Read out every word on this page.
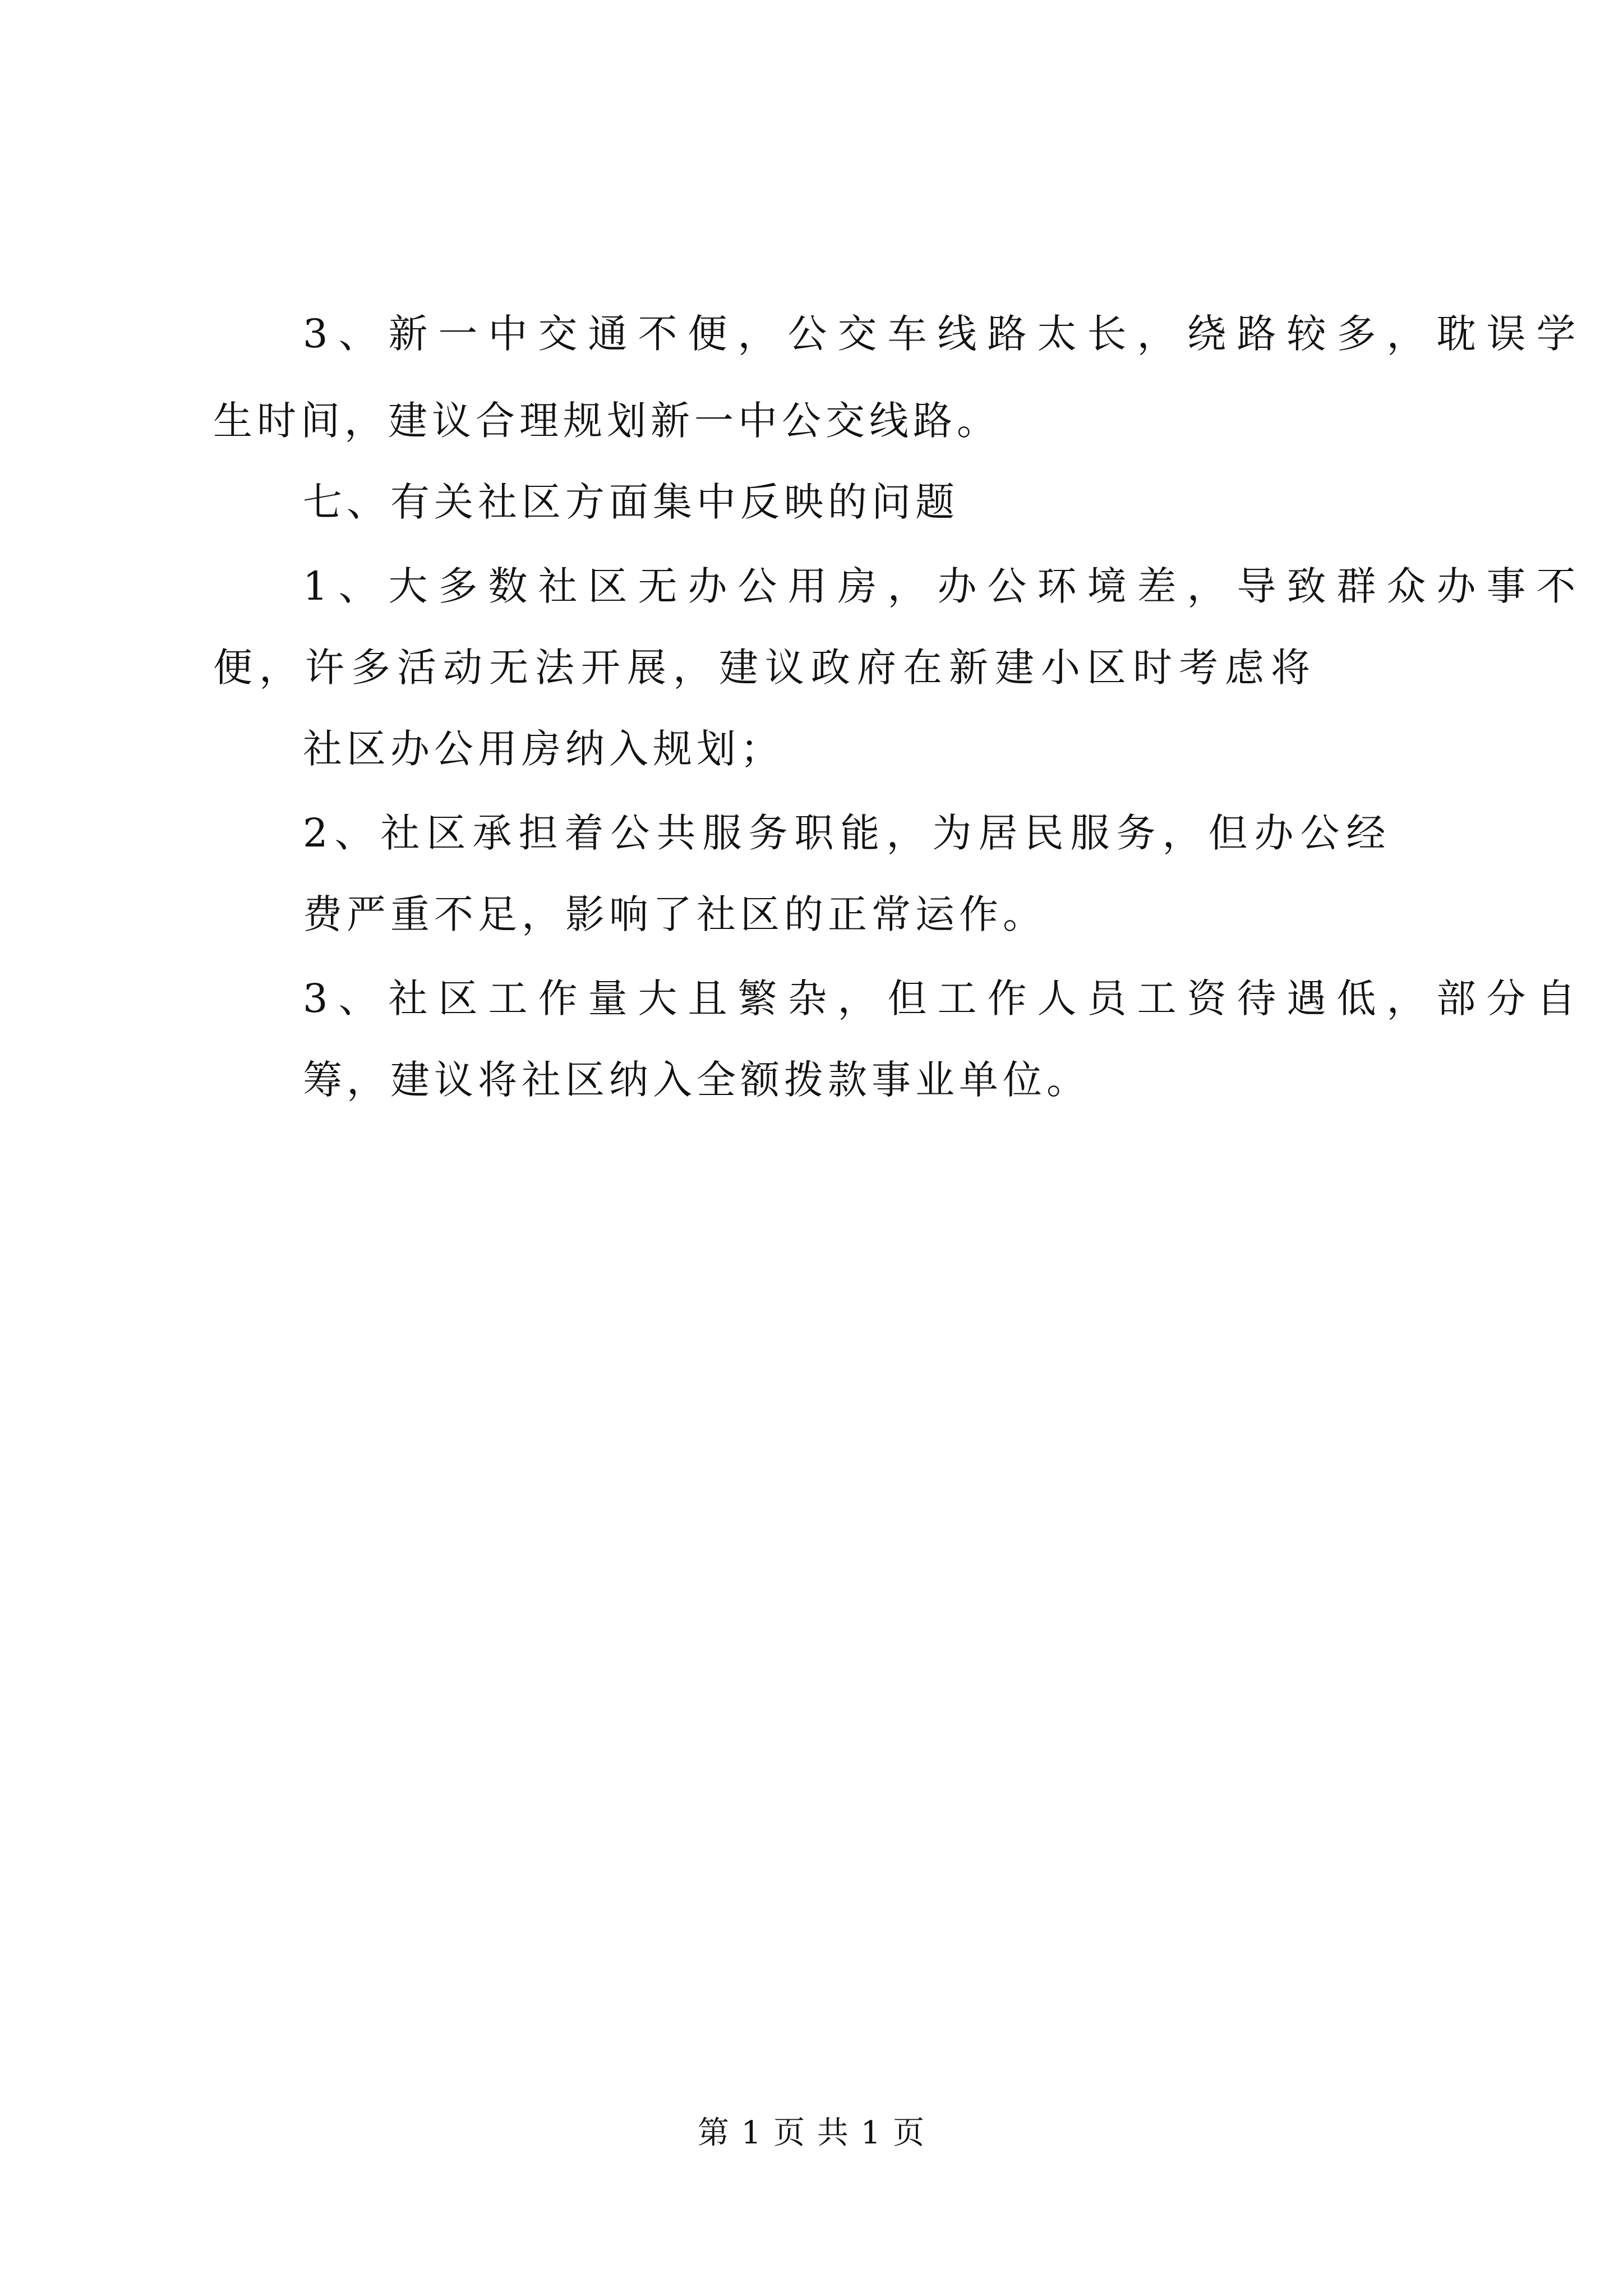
3、新一中交通不便，公交车线路太长，绕路较多，耽误学
生时间，建议合理规划新一中公交线路。
七、有关社区方面集中反映的问题
1、大多数社区无办公用房，办公环境差，导致群众办事不
便，许多活动无法开展，建议政府在新建小区时考虑将
社区办公用房纳入规划；
2、社区承担着公共服务职能，为居民服务，但办公经
费严重不足，影响了社区的正常运作。
3、社区工作量大且繁杂，但工作人员工资待遇低，部分自
筹，建议将社区纳入全额拨款事业单位。
第 1 页 共 1 页
